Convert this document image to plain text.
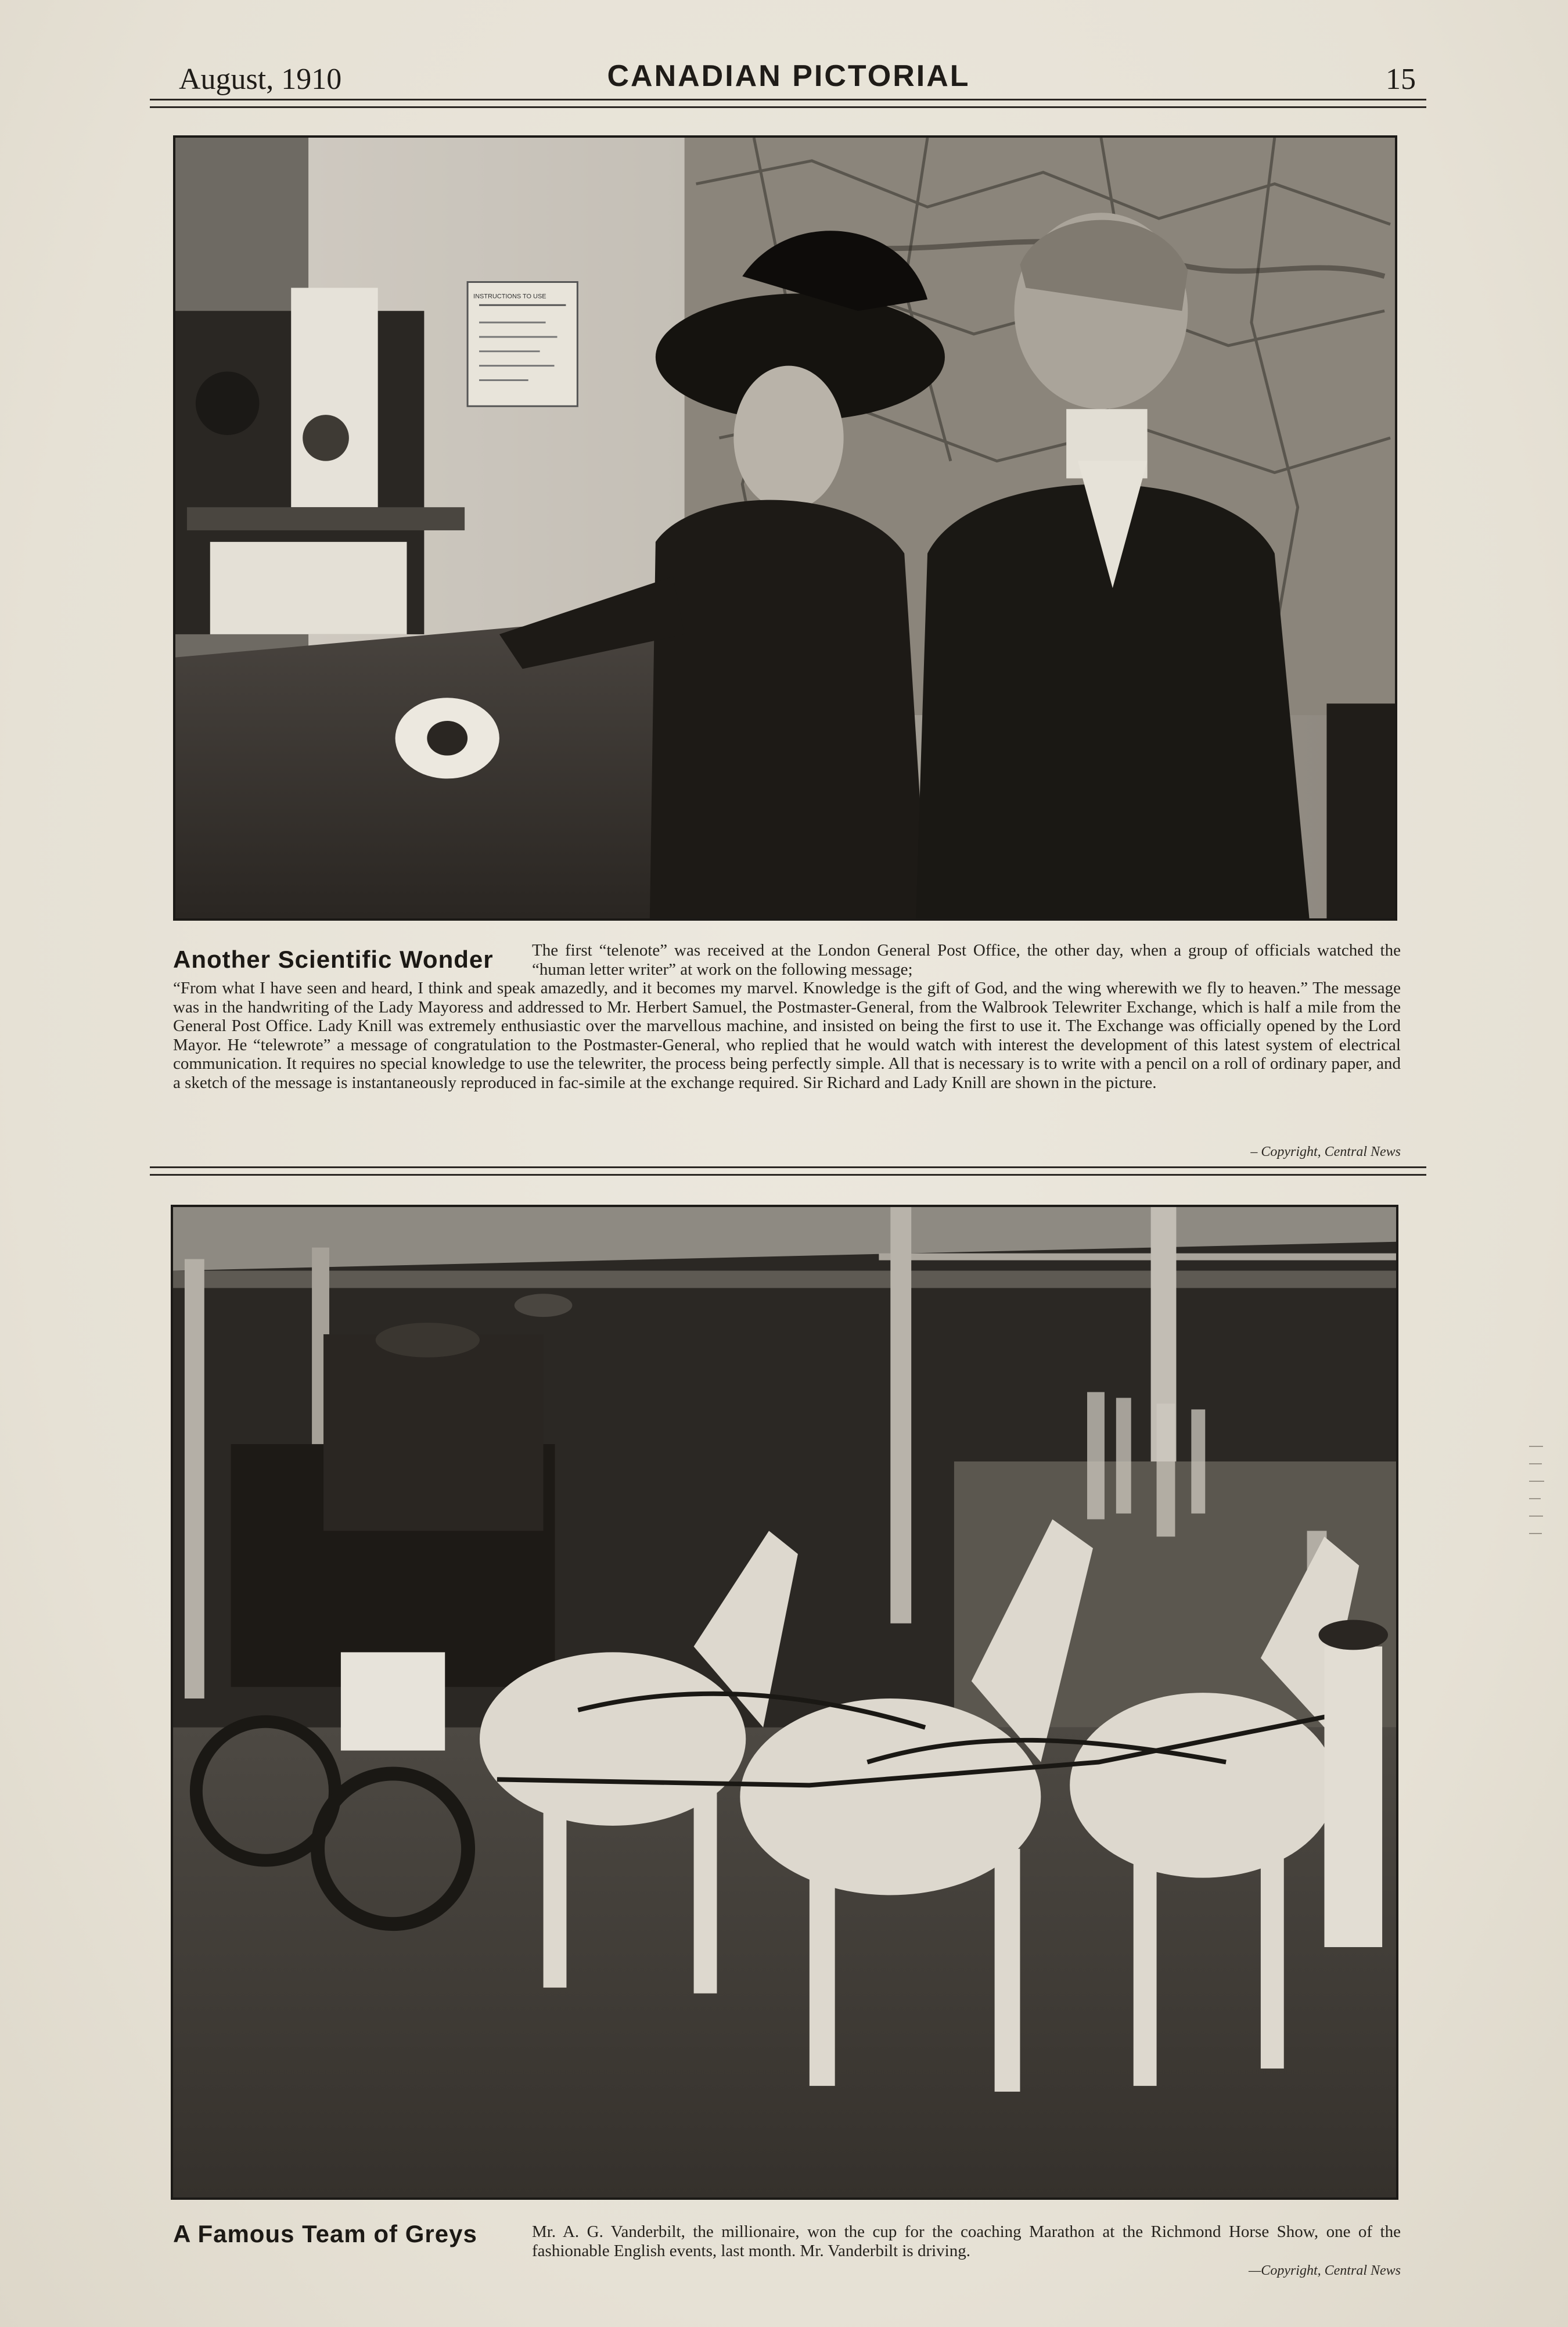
August, 1910	CANADIAN PICTORIAL	15
INSTRUCTIONS TO USE
Another Scientific Wonder The first “telenote” was received at the London General Post Office, the other day, when a group of officials watched the “human letter writer” at work on the following message;
“From what I have seen and heard, I think and speak amazedly, and it becomes my marvel. Knowledge is the gift of God, and the wing wherewith we fly to heaven.” The message was in the handwriting of the Lady Mayoress and addressed to Mr. Herbert Samuel, the Postmaster-General, from the Walbrook Telewriter Exchange, which is half a mile from the General Post Office. Lady Knill was extremely enthusiastic over the marvellous machine, and insisted on being the first to use it. The Exchange was officially opened by the Lord Mayor. He “telewrote” a message of congratulation to the Postmaster-General, who replied that he would watch with interest the development of this latest system of electrical communication. It requires no special knowledge to use the telewriter, the process being perfectly simple. All that is necessary is to write with a pencil on a roll of ordinary paper, and a sketch of the message is instantaneously reproduced in fac-simile at the exchange required. Sir Richard and Lady Knill are shown in the picture.
– Copyright, Central News
A Famous Team of Greys	Mr. A. G. Vanderbilt, the millionaire, won the cup for the coaching Marathon at the Richmond Horse Show, one of the fashionable English events, last month. Mr. Vanderbilt is driving.
—Copyright, Central News
